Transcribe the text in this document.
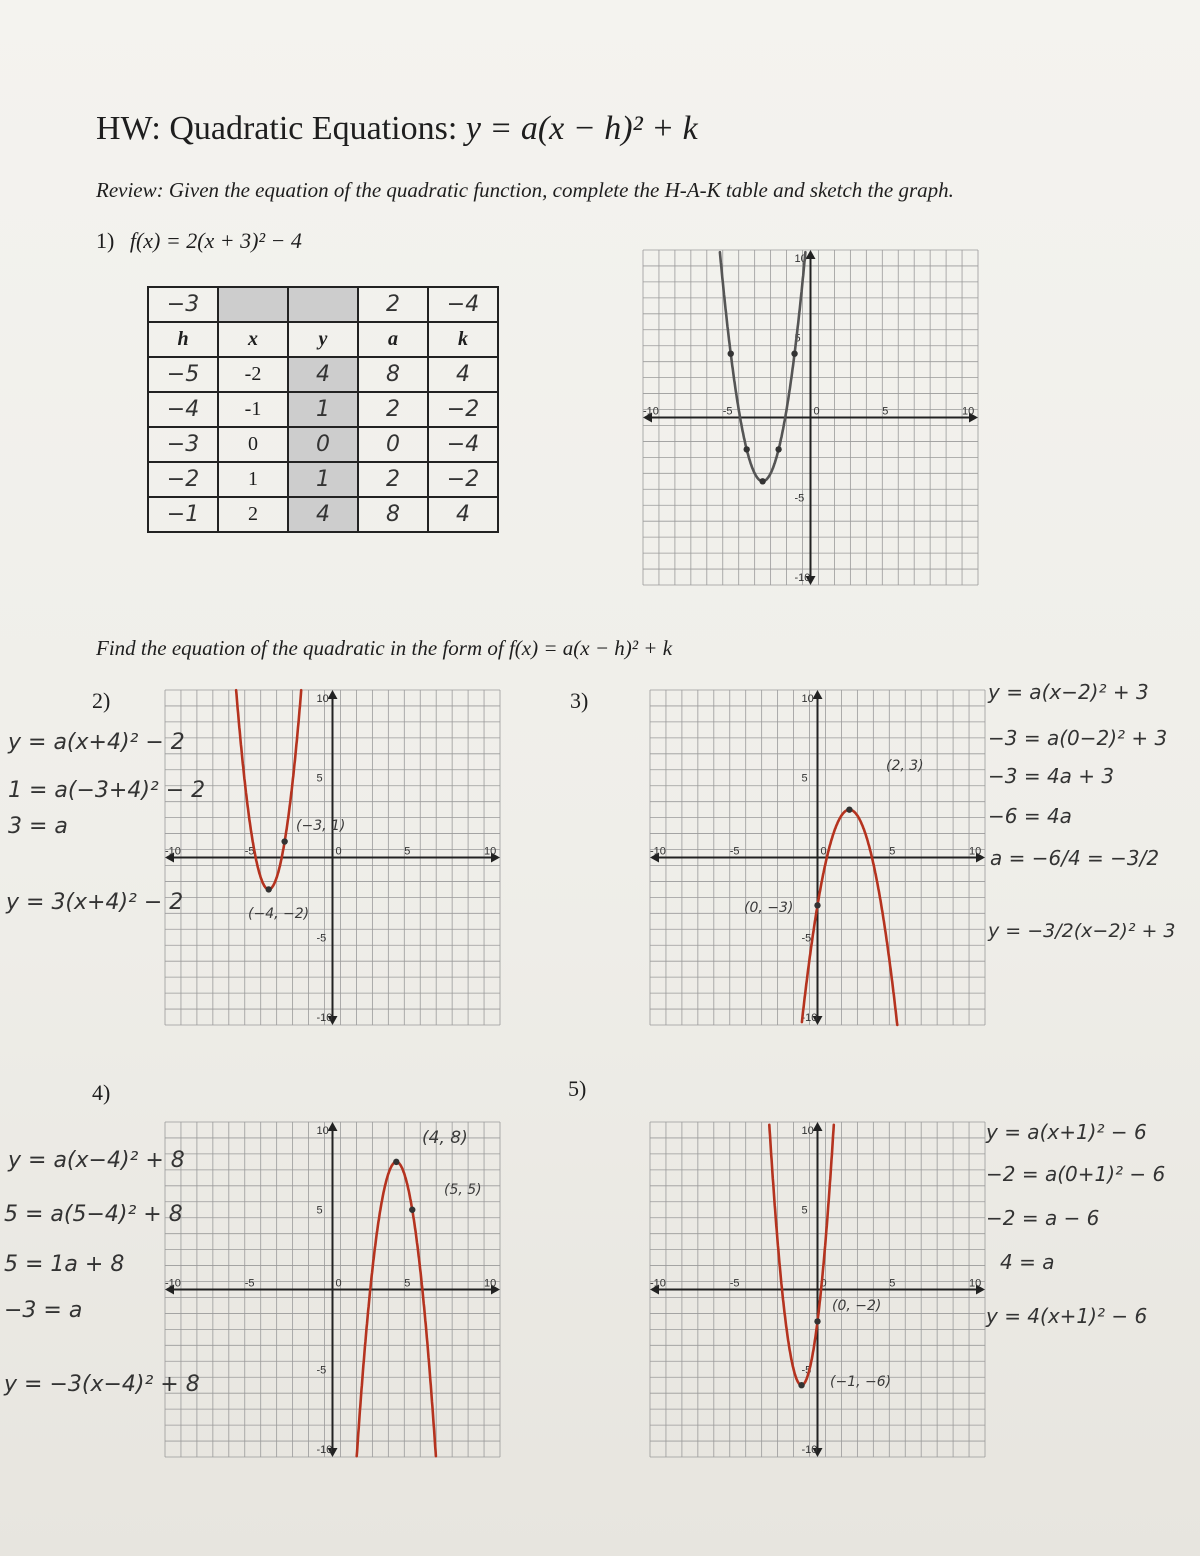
HW: Quadratic Equations: y = a(x − h)² + k
Review: Given the equation of the quadratic function, complete the H-A-K table and sketch the graph.
1) f(x) = 2(x + 3)² − 4
−3			2	−4
h	x	y	a	k
−5	-2	4	8	4
−4	-1	1	2	−2
−3	0	0	0	−4
−2	1	1	2	−2
−1	2	4	8	4
-10	-5	0	5	10
10
5
-5
-10
Find the equation of the quadratic in the form of f(x) = a(x − h)² + k
2)
-10	-5	0	5	10
10
5
-5
-10
y = a(x+4)² − 2
1 = a(−3+4)² − 2
3 = a
y = 3(x+4)² − 2
(−3, 1)
(−4, −2)
3)
-10	-5	0	5	10
10
5
-5
-10
y = a(x−2)² + 3
−3 = a(0−2)² + 3
−3 = 4a + 3
−6 = 4a
a = −6/4 = −3/2
y = −3/2(x−2)² + 3
(2, 3)
(0, −3)
4)
-10	-5	0	5	10
10
5
-5
-10
y = a(x−4)² + 8
5 = a(5−4)² + 8
5 = 1a + 8
−3 = a
y = −3(x−4)² + 8
(4, 8)
(5, 5)
5)
-10	-5	0	5	10
10
5
-5
-10
y = a(x+1)² − 6
−2 = a(0+1)² − 6
−2 = a − 6
4 = a
y = 4(x+1)² − 6
(0, −2)
(−1, −6)
